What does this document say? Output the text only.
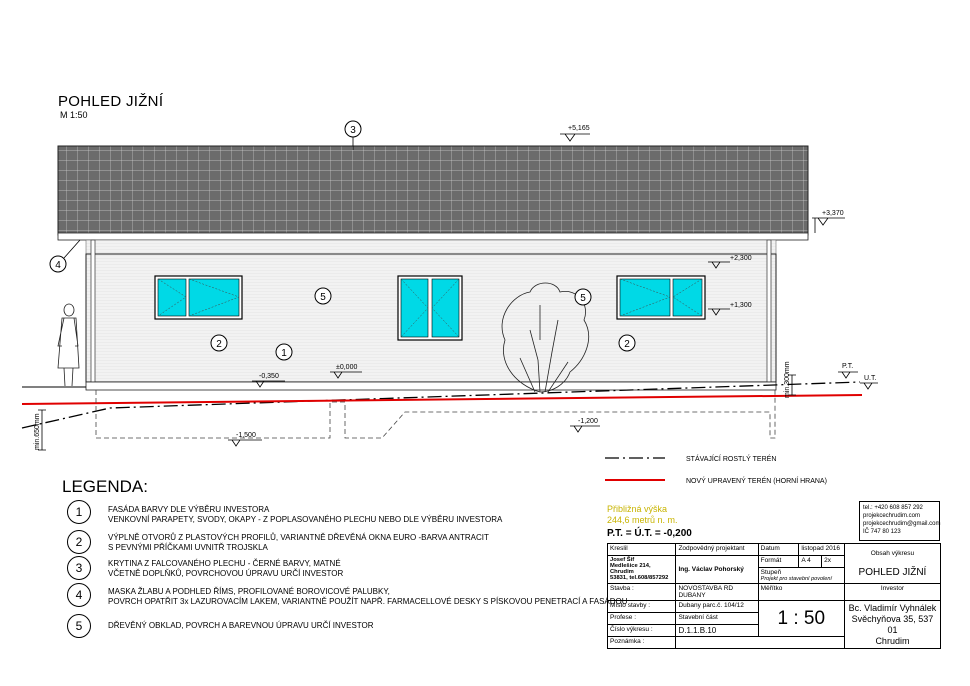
3
4
5	5
2
1
2
+5,165
+3,370
+2,300
+1,300
±0,000
-0,350
-1,500
-1,200
P.T.
U.T.
min.650mm
min.300mm
STÁVAJÍCÍ ROSTLÝ TERÉN
NOVÝ UPRAVENÝ TERÉN (HORNÍ HRANA)
POHLED JIŽNÍ
M 1:50
LEGENDA:
1	FASÁDA BARVY DLE VÝBĚRU INVESTORA
VENKOVNÍ PARAPETY, SVODY, OKAPY - Z POPLASOVANÉHO PLECHU NEBO DLE VÝBĚRU INVESTORA
2	VÝPLNĚ OTVORŮ Z PLASTOVÝCH PROFILŮ, VARIANTNĚ DŘEVĚNÁ OKNA EURO -BARVA ANTRACIT
S PEVNÝMI PŘÍČKAMI UVNITŘ TROJSKLA
3	KRYTINA Z FALCOVANÉHO PLECHU - ČERNÉ BARVY, MATNÉ
VČETNĚ DOPLŇKŮ, POVRCHOVOU ÚPRAVU URČÍ INVESTOR
4	MASKA ŽLABU A PODHLED ŘÍMS, PROFILOVANÉ BOROVICOVÉ PALUBKY,
POVRCH OPATŘIT 3x LAZUROVACÍM LAKEM, VARIANTNĚ POUŽÍT NAPŘ. FARMACELLOVÉ DESKY S PÍSKOVOU PENETRACÍ A FASÁDOU
5	DŘEVĚNÝ OBKLAD, POVRCH A BAREVNOU ÚPRAVU URČÍ INVESTOR
Přibližná výška
244,6 metrů n. m.
P.T. = Ú.T. = -0,200
tel.: +420 608 857 292
projekcechrudim.com
projekcechrudim@gmail.com
IČ 747 80 123
Kreslil	Zodpovědný projektant	Datum	listopad 2016		Obsah výkresu
POHLED JIŽNÍ

Josef Šif
Medlešice 214, Chrudim
53831, tel.608/857292	Ing. Václav Pohorský	Formát	A 4	2x	

		Stupeň
Projekt pro stavební povolení			

Stavba :	NOVOSTAVBA RD DUBANY	Měřítko			Investor
Místo stavby :	Dubany parc.č. 104/12	1 : 50			Bc. Vladimír Vyhnálek
Svěchyňova 35, 537 01
Chrudim

Profese :	Stavební část				
Číslo výkresu :	D.1.1.B.10				
Poznámka :					
